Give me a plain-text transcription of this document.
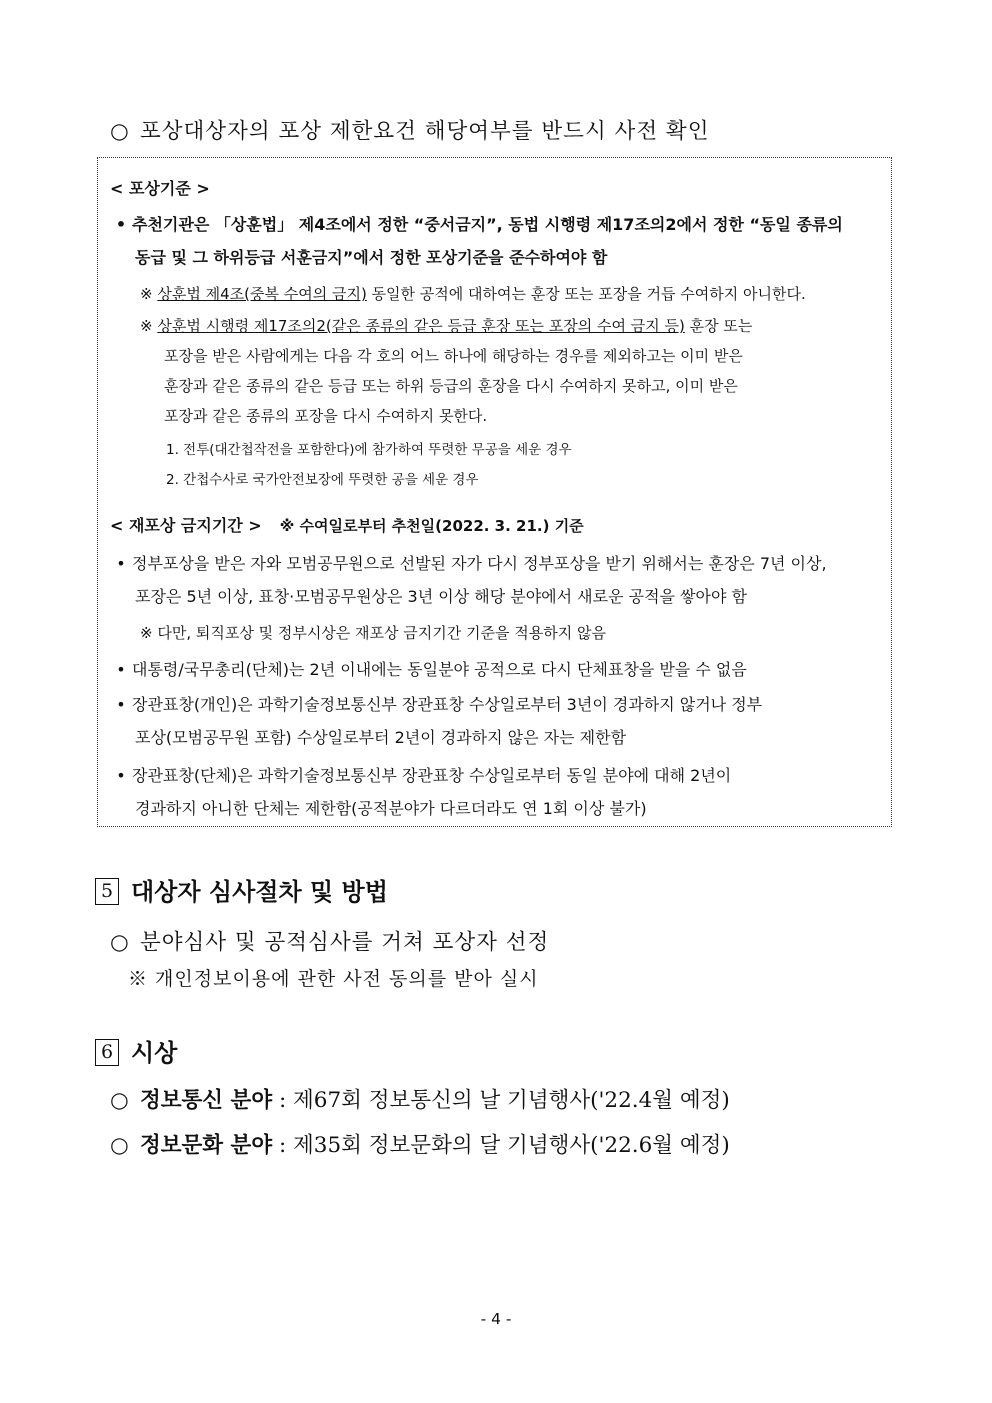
○ 포상대상자의 포상 제한요건 해당여부를 반드시 사전 확인
< 포상기준 >
• 추천기관은 「상훈법」 제4조에서 정한 “중서금지”, 동법 시행령 제17조의2에서 정한 “동일 종류의
동급 및 그 하위등급 서훈금지”에서 정한 포상기준을 준수하여야 함
※ 상훈법 제4조(중복 수여의 금지) 동일한 공적에 대하여는 훈장 또는 포장을 거듭 수여하지 아니한다.
※ 상훈법 시행령 제17조의2(같은 종류의 같은 등급 훈장 또는 포장의 수여 금지 등) 훈장 또는
포장을 받은 사람에게는 다음 각 호의 어느 하나에 해당하는 경우를 제외하고는 이미 받은
훈장과 같은 종류의 같은 등급 또는 하위 등급의 훈장을 다시 수여하지 못하고, 이미 받은
포장과 같은 종류의 포장을 다시 수여하지 못한다.
1. 전투(대간첩작전을 포함한다)에 참가하여 뚜렷한 무공을 세운 경우
2. 간첩수사로 국가안전보장에 뚜렷한 공을 세운 경우
< 재포상 금지기간 > ※ 수여일로부터 추천일(2022. 3. 21.) 기준
• 정부포상을 받은 자와 모범공무원으로 선발된 자가 다시 정부포상을 받기 위해서는 훈장은 7년 이상,
포장은 5년 이상, 표창·모범공무원상은 3년 이상 해당 분야에서 새로운 공적을 쌓아야 함
※ 다만, 퇴직포상 및 정부시상은 재포상 금지기간 기준을 적용하지 않음
• 대통령/국무총리(단체)는 2년 이내에는 동일분야 공적으로 다시 단체표창을 받을 수 없음
• 장관표창(개인)은 과학기술정보통신부 장관표창 수상일로부터 3년이 경과하지 않거나 정부
포상(모범공무원 포함) 수상일로부터 2년이 경과하지 않은 자는 제한함
• 장관표창(단체)은 과학기술정보통신부 장관표창 수상일로부터 동일 분야에 대해 2년이
경과하지 아니한 단체는 제한함(공적분야가 다르더라도 연 1회 이상 불가)
5 대상자 심사절차 및 방법
○ 분야심사 및 공적심사를 거쳐 포상자 선정
※ 개인정보이용에 관한 사전 동의를 받아 실시
6 시상
○ 정보통신 분야 : 제67회 정보통신의 날 기념행사('22.4월 예정)
○ 정보문화 분야 : 제35회 정보문화의 달 기념행사('22.6월 예정)
- 4 -
